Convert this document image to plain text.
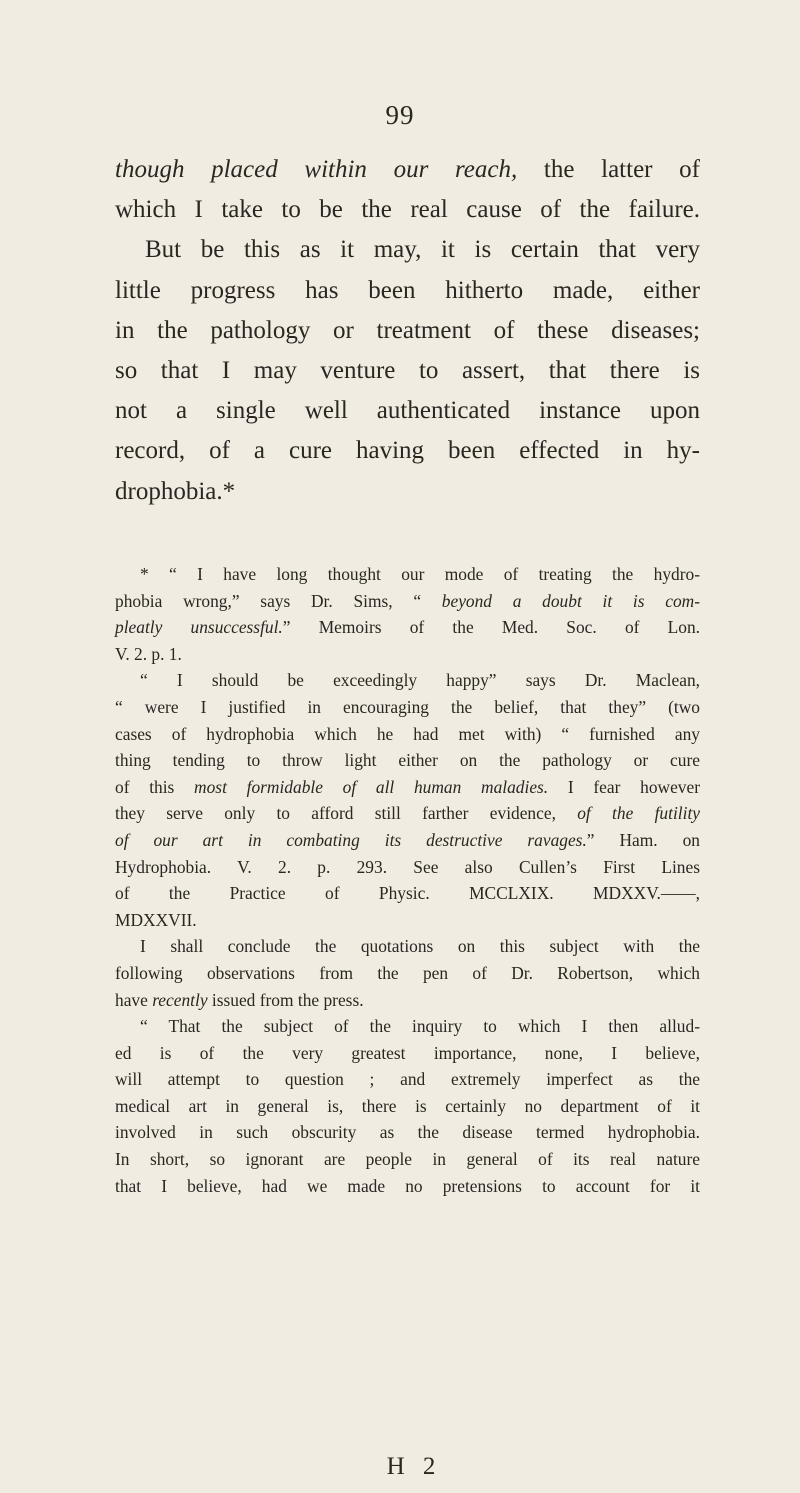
99
though placed within our reach, the latter of
which I take to be the real cause of the failure.
But be this as it may, it is certain that very
little progress has been hitherto made, either
in the pathology or treatment of these diseases;
so that I may venture to assert, that there is
not a single well authenticated instance upon
record, of a cure having been effected in hy-
drophobia.*
* “ I have long thought our mode of treating the hydro-
phobia wrong,” says Dr. Sims, “ beyond a doubt it is com-
pleatly unsuccessful.” Memoirs of the Med. Soc. of Lon.
V. 2. p. 1.
“ I should be exceedingly happy” says Dr. Maclean,
“ were I justified in encouraging the belief, that they” (two
cases of hydrophobia which he had met with) “ furnished any
thing tending to throw light either on the pathology or cure
of this most formidable of all human maladies. I fear however
they serve only to afford still farther evidence, of the futility
of our art in combating its destructive ravages.” Ham. on
Hydrophobia. V. 2. p. 293. See also Cullen’s First Lines
of the Practice of Physic. MCCLXIX. MDXXV.——,
MDXXVII.
I shall conclude the quotations on this subject with the
following observations from the pen of Dr. Robertson, which
have recently issued from the press.
“ That the subject of the inquiry to which I then allud-
ed is of the very greatest importance, none, I believe,
will attempt to question ; and extremely imperfect as the
medical art in general is, there is certainly no department of it
involved in such obscurity as the disease termed hydrophobia.
In short, so ignorant are people in general of its real nature
that I believe, had we made no pretensions to account for it
H 2
